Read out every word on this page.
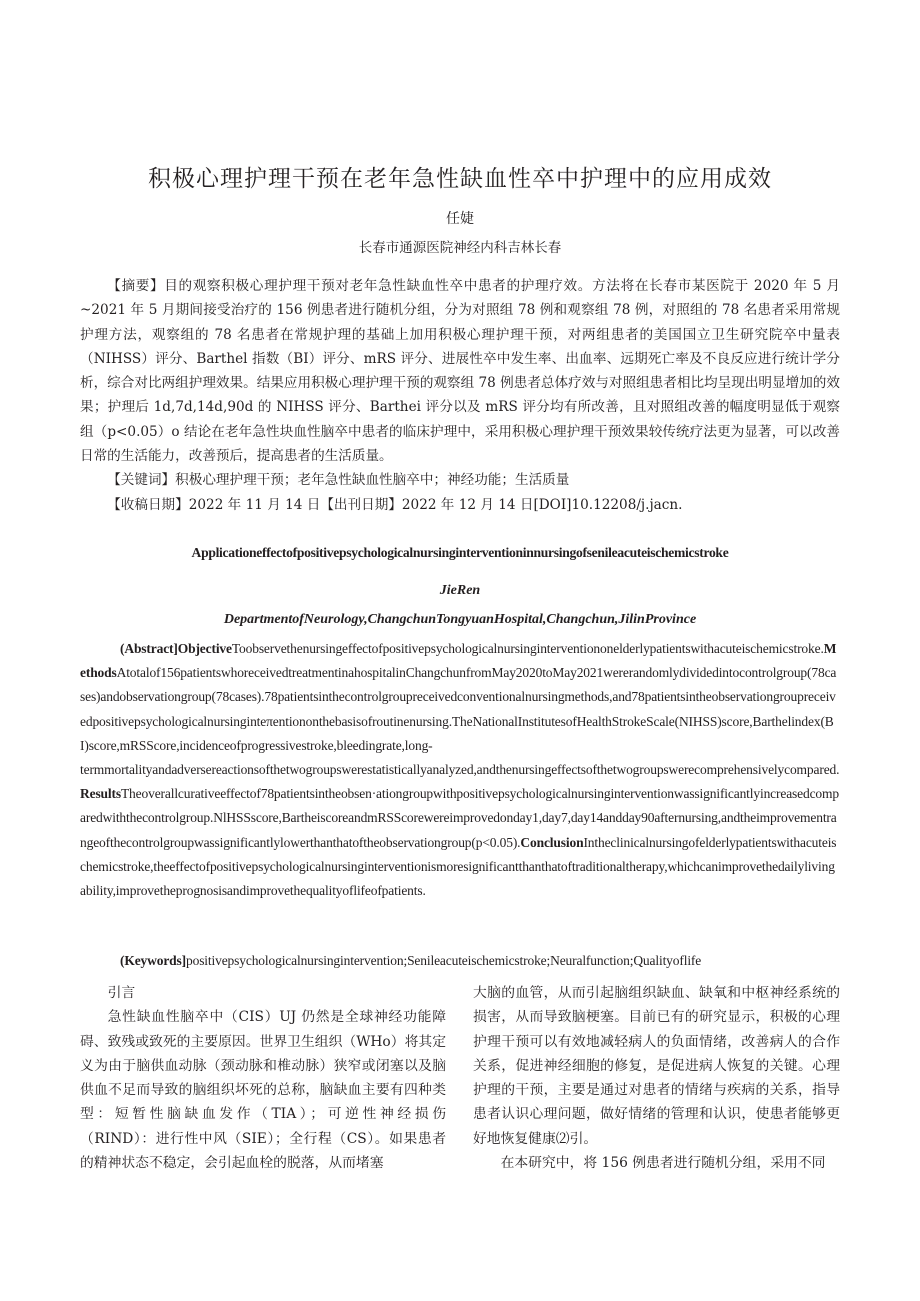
积极心理护理干预在老年急性缺血性卒中护理中的应用成效
任婕
长春市通源医院神经内科吉林长春

【摘要】目的观察积极心理护理干预对老年急性缺血性卒中患者的护理疗效。方法将在长春市某医院于 2020 年 5 月~2021 年 5 月期间接受治疗的 156 例患者进行随机分组，分为对照组 78 例和观察组 78 例，对照组的 78 名患者采用常规护理方法，观察组的 78 名患者在常规护理的基础上加用积极心理护理干预，对两组患者的美国国立卫生研究院卒中量表（NIHSS）评分、Barthel 指数（BI）评分、mRS 评分、进展性卒中发生率、出血率、远期死亡率及不良反应进行统计学分析，综合对比两组护理效果。结果应用积极心理护理干预的观察组 78 例患者总体疗效与对照组患者相比均呈现出明显增加的效果；护理后 1d,7d,14d,90d 的 NIHSS 评分、Barthei 评分以及 mRS 评分均有所改善，且对照组改善的幅度明显低于观察组（p<0.05）o 结论在老年急性块血性脑卒中患者的临床护理中，采用积极心理护理干预效果较传统疗法更为显著，可以改善日常的生活能力，改善预后，提高患者的生活质量。

【关键词】积极心理护理干预；老年急性缺血性脑卒中；神经功能；生活质量

【收稿日期】2022 年 11 月 14 日【出刊日期】2022 年 12 月 14 日[DOI]10.12208/j.jacn.

Applicationeffectofpositivepsychologicalnursinginterventioninnursingofsenileacuteischemicstroke
JieRen
DepartmentofNeurology,ChangchunTongyuanHospital,Changchun,JilinProvince

(Abstract]ObjectiveToobservethenursingeffectofpositivepsychologicalnursinginterventiononelderlypatientswithacuteischemicstroke.MethodsAtotalof156patientswhoreceivedtreatmentinahospitalinChangchunfromMay2020toMay2021wererandomlydividedintocontrolgroup(78cases)andobservationgroup(78cases).78patientsinthecontrolgroupreceivedconventionalnursingmethods,and78patientsintheobservationgroupreceivedpositivepsychologicalnursinginteπentiononthebasisofroutinenursing.TheNationalInstitutesofHealthStrokeScale(NIHSS)score,Barthelindex(BI)score,mRSScore,incidenceofprogressivestroke,bleedingrate,long-

termmortalityandadversereactionsofthetwogroupswerestatisticallyanalyzed,andthenursingeffectsofthetwogroupswerecomprehensivelycompared.ResultsTheoverallcurativeeffectof78patientsintheobsen·ationgroupwithpositivepsychologicalnursinginterventionwassignificantlyincreasedcomparedwiththecontrolgroup.NlHSSscore,BartheiscoreandmRSScorewereimprovedonday1,day7,day14andday90afternursing,andtheimprovementrangeofthecontrolgroupwassignificantlylowerthanthatoftheobservationgroup(p<0.05).ConclusionIntheclinicalnursingofelderlypatientswithacuteischemicstroke,theeffectofpositivepsychologicalnursinginterventionismoresignificantthanthatoftraditionaltherapy,whichcanimprovethedailylivingability,improvetheprognosisandimprovethequalityoflifeofpatients.

(Keywords]positivepsychologicalnursingintervention;Senileacuteischemicstroke;Neuralfunction;Qualityoflife

引言

急性缺血性脑卒中（CIS）UJ 仍然是全球神经功能障碍、致残或致死的主要原因。世界卫生组织（WHo）将其定义为由于脑供血动脉（颈动脉和椎动脉）狭窄或闭塞以及脑供血不足而导致的脑组织坏死的总称，脑缺血主要有四种类型：短暂性脑缺血发作（TIA）；可逆性神经损伤（RIND）：进行性中风（SIE）；全行程（CS）。如果患者的精神状态不稳定，会引起血栓的脱落，从而堵塞

大脑的血管，从而引起脑组织缺血、缺氧和中枢神经系统的损害，从而导致脑梗塞。目前已有的研究显示，积极的心理护理干预可以有效地减轻病人的负面情绪，改善病人的合作关系，促进神经细胞的修复，是促进病人恢复的关键。心理护理的干预，主要是通过对患者的情绪与疾病的关系，指导患者认识心理问题，做好情绪的管理和认识，使患者能够更好地恢复健康⑵引。

在本研究中，将 156 例患者进行随机分组，采用不同
